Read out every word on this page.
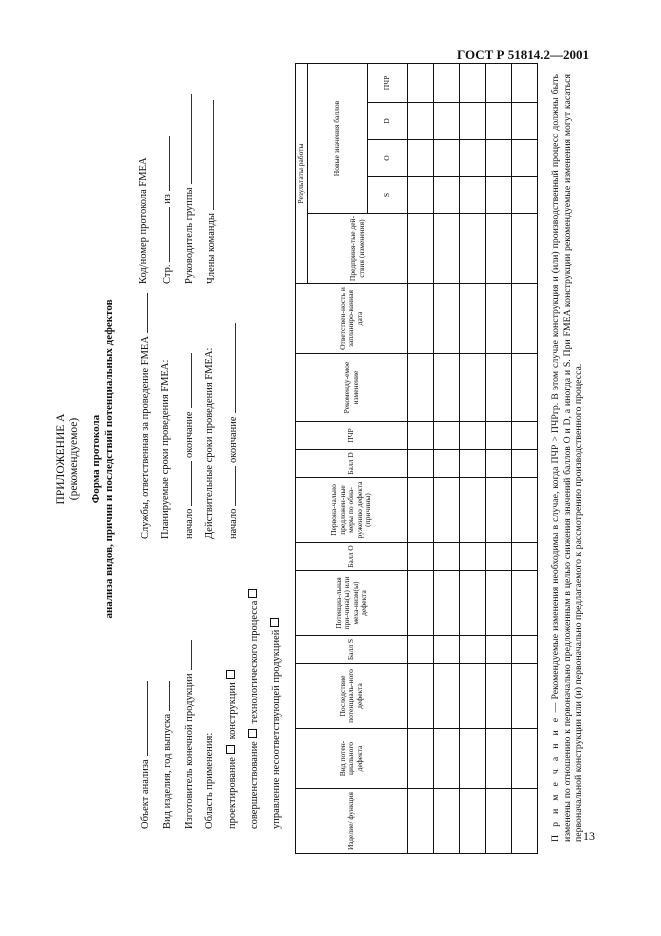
ГОСТ Р 51814.2—2001
13
ПРИЛОЖЕНИЕ А (рекомендуемое) Форма протокола анализа видов, причин и последствий потенциальных дефектов
Объект анализа Вид изделия, год выпуска Изготовитель конечной продукции Область применения: проектирование конструкции
совершенствование технологического процесса управление несоответствующей продукцией
Службы, ответственная за проведение FMEA Планируемые сроки проведения FMEA: начало окончание Действительные сроки проведения FMEA: начало окончание
Код/номер протокола FMEA Стр. из Руководитель группы Члены команды
Изделие/ функция	Вид потен-циального дефекта	Последствие потенциаль-ного дефекта	Балл S	Потенциа-льная при-чина(ы) или меха-низм(ы) дефекта	Балл O	Первона-чально предложен-ные меры по обна-ружению дефекта (причины)	Балл D	ПЧР	Рекоменду-емое изменение	Ответствен-ность и запланиро-ванная дата	Результаты работы				
											Предприня-тые дей-ствия (изменения)	Новые значения баллов			
												S	O	D	ПЧР

П р и м е ч а н и е — Рекомендуемые изменения необходимы в случае, когда ПЧР > ПЧРгр. В этом случае конструкция и (или) производственный процесс должны быть изменены по отношению к первоначально предложенным в целью снижения значений баллов O и D, а иногда и S. При FMEA конструкции рекомендуемые изменения могут касаться первоначальной конструкции или (и) первоначально предлагаемого к рассмотрению производственного процесса.
